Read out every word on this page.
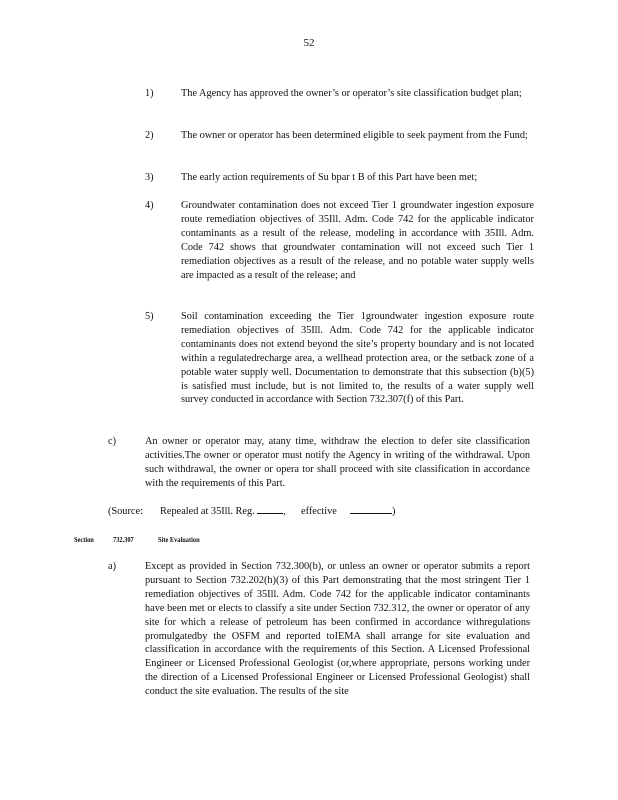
52
1)	The Agency has approved the owner’s or operator’s site classification budget plan;
2)	The owner or operator has been determined eligible to seek payment from the Fund;
3)	The early action requirements of Su bpar t B of this Part have been met;
4)	Groundwater contamination does not exceed Tier 1 groundwater ingestion exposure route remediation objectives of 35Ill. Adm. Code 742 for the applicable indicator contaminants as a result of the release, modeling in accordance with 35Ill. Adm. Code 742 shows that groundwater contamination will not exceed such Tier 1 remediation objectives as a result of the release, and no potable water supply wells are impacted as a result of the release; and
5)	Soil contamination exceeding the Tier 1groundwater ingestion exposure route remediation objectives of 35Ill. Adm. Code 742 for the applicable indicator contaminants does not extend beyond the site’s property boundary and is not located within a regulatedrecharge area, a wellhead protection area, or the setback zone of a potable water supply well. Documentation to demonstrate that this subsection (b)(5) is satisfied must include, but is not limited to, the results of a water supply well survey conducted in accordance with Section 732.307(f) of this Part.
c)	An owner or operator may, atany time, withdraw the election to defer site classification activities.The owner or operator must notify the Agency in writing of the withdrawal. Upon such withdrawal, the owner or opera tor shall proceed with site classification in accordance with the requirements of this Part.
(Source: Repealed at 35Ill. Reg.	, effective	)
Section	732.307	Site Evaluation
a)	Except as provided in Section 732.300(b), or unless an owner or operator submits a report pursuant to Section 732.202(h)(3) of this Part demonstrating that the most stringent Tier 1 remediation objectives of 35Ill. Adm. Code 742 for the applicable indicator contaminants have been met or elects to classify a site under Section 732.312, the owner or operator of any site for which a release of petroleum has been confirmed in accordance withregulations promulgatedby the OSFM and reported toIEMA shall arrange for site evaluation and classification in accordance with the requirements of this Section. A Licensed Professional Engineer or Licensed Professional Geologist (or,where appropriate, persons working under the direction of a Licensed Professional Engineer or Licensed Professional Geologist) shall conduct the site evaluation. The results of the site
